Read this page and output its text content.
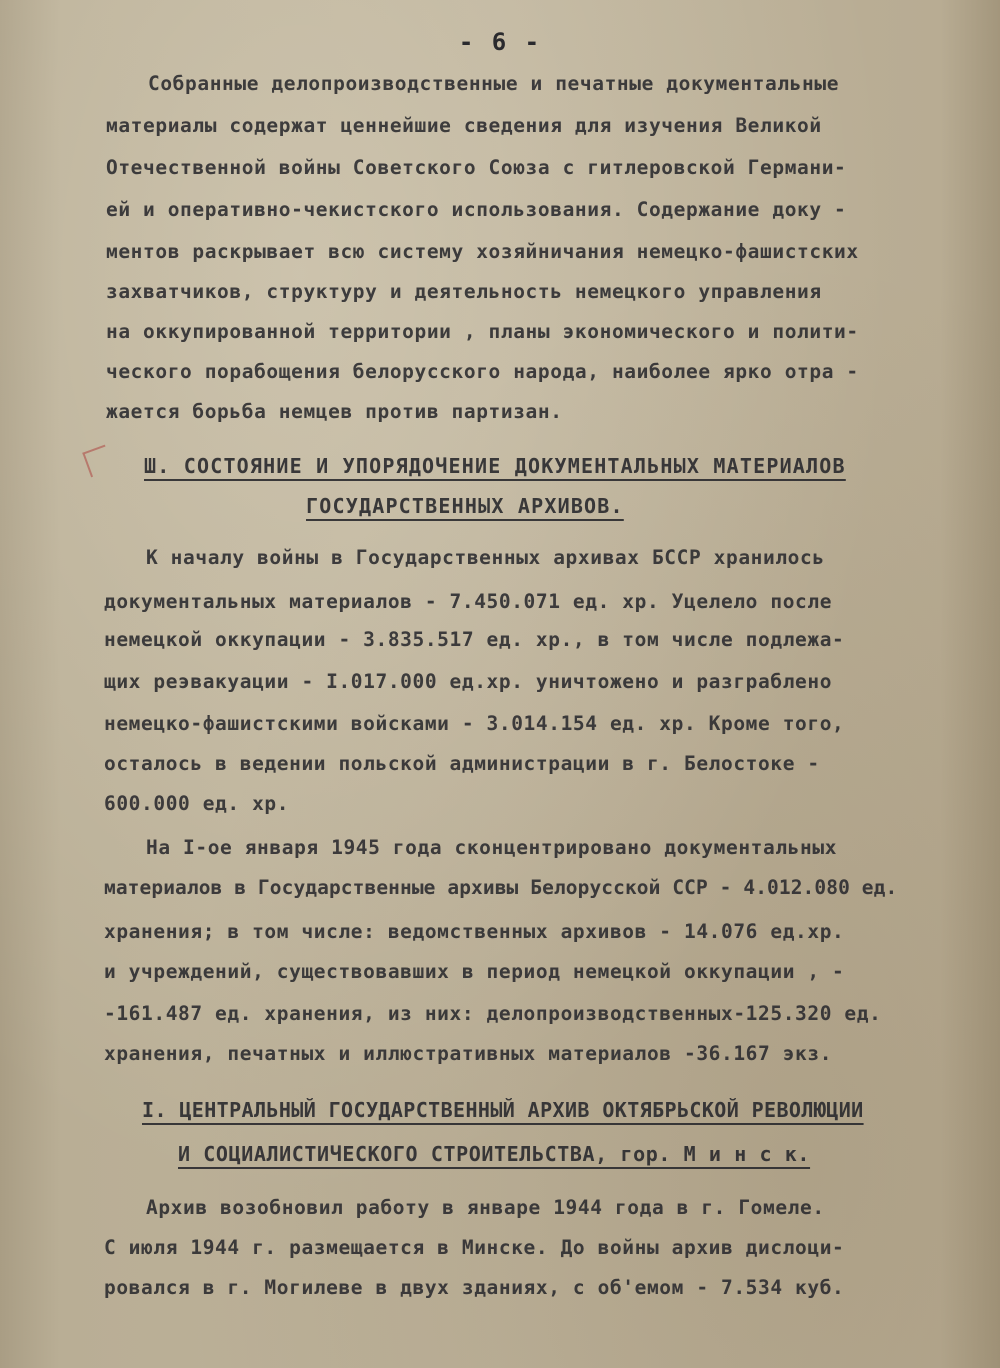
- 6 -
Собранные делопроизводственные и печатные документальные
материалы содержат ценнейшие сведения для изучения Великой
Отечественной войны Советского Союза с гитлеровской Германи-
ей и оперативно-чекистского использования. Содержание доку -
ментов раскрывает всю систему хозяйничания немецко-фашистских
захватчиков, структуру и деятельность немецкого управления
на оккупированной территории , планы экономического и полити-
ческого порабощения белорусского народа, наиболее ярко отра -
жается борьба немцев против партизан.
Ш. СОСТОЯНИЕ И УПОРЯДОЧЕНИЕ ДОКУМЕНТАЛЬНЫХ МАТЕРИАЛОВ
ГОСУДАРСТВЕННЫХ АРХИВОВ.
К началу войны в Государственных архивах БССР хранилось
документальных материалов - 7.450.071 ед. хр. Уцелело после
немецкой оккупации - 3.835.517 ед. хр., в том числе подлежа-
щих реэвакуации - I.017.000 ед.хр. уничтожено и разграблено
немецко-фашистскими войсками - 3.014.154 ед. хр. Кроме того,
осталось в ведении польской администрации в г. Белостоке -
600.000 ед. хр.
На I-ое января 1945 года сконцентрировано документальных
материалов в Государственные архивы Белорусской ССР - 4.012.080 ед.
хранения; в том числе: ведомственных архивов - 14.076 ед.хр.
и учреждений, существовавших в период немецкой оккупации , -
-161.487 ед. хранения, из них: делопроизводственных-125.320 ед.
хранения, печатных и иллюстративных материалов -36.167 экз.
I. ЦЕНТРАЛЬНЫЙ ГОСУДАРСТВЕННЫЙ АРХИВ ОКТЯБРЬСКОЙ РЕВОЛЮЦИИ
И СОЦИАЛИСТИЧЕСКОГО СТРОИТЕЛЬСТВА, гор. М и н с к.
Архив возобновил работу в январе 1944 года в г. Гомеле.
С июля 1944 г. размещается в Минске. До войны архив дислоци-
ровался в г. Могилеве в двух зданиях, с об'емом - 7.534 куб.
